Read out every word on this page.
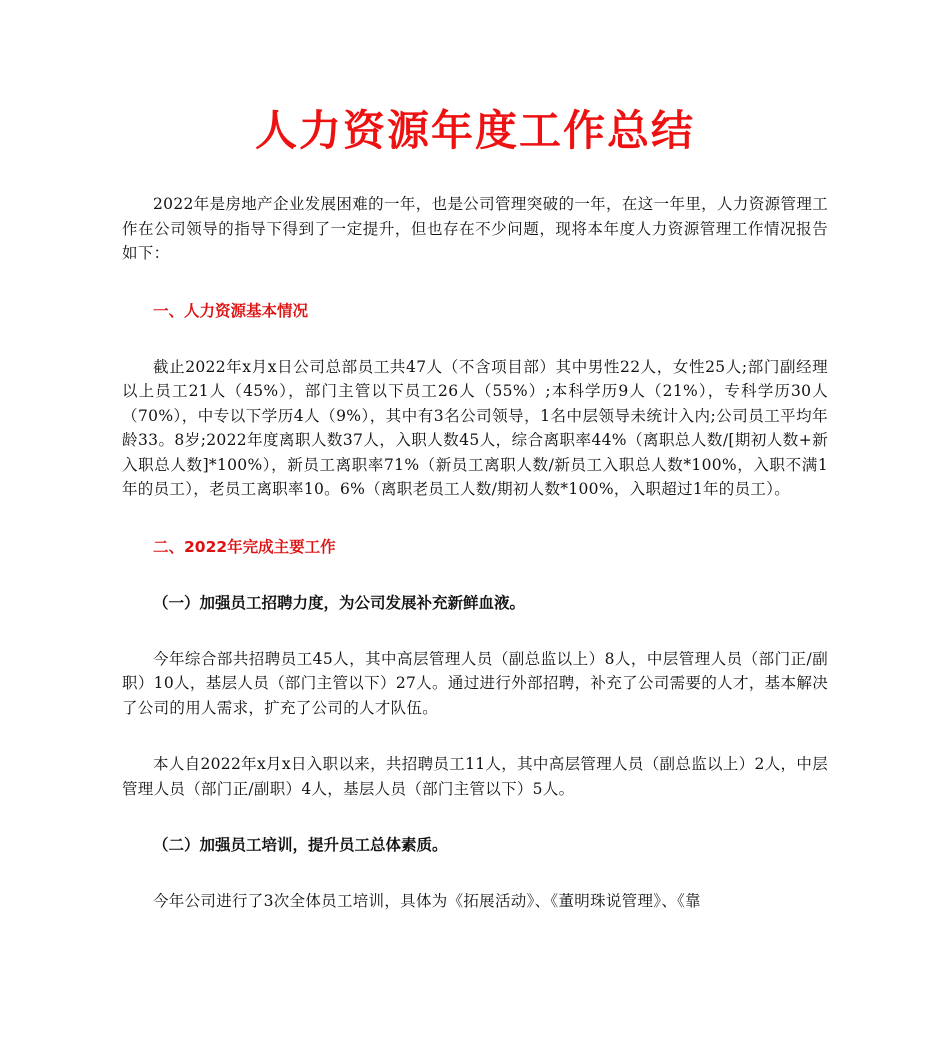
人力资源年度工作总结

2022年是房地产企业发展困难的一年，也是公司管理突破的一年，在这一年里，人力资源管理工作在公司领导的指导下得到了一定提升，但也存在不少问题，现将本年度人力资源管理工作情况报告如下：

一、人力资源基本情况

截止2022年x月x日公司总部员工共47人（不含项目部）其中男性22人，女性25人;部门副经理以上员工21人（45%），部门主管以下员工26人（55%）;本科学历9人（21%），专科学历30人（70%），中专以下学历4人（9%），其中有3名公司领导，1名中层领导未统计入内;公司员工平均年龄33。8岁;2022年度离职人数37人，入职人数45人，综合离职率44%（离职总人数/[期初人数+新入职总人数]*100%），新员工离职率71%（新员工离职人数/新员工入职总人数*100%，入职不满1年的员工），老员工离职率10。6%（离职老员工人数/期初人数*100%，入职超过1年的员工）。

二、2022年完成主要工作

（一）加强员工招聘力度，为公司发展补充新鲜血液。

今年综合部共招聘员工45人，其中高层管理人员（副总监以上）8人，中层管理人员（部门正/副职）10人，基层人员（部门主管以下）27人。通过进行外部招聘，补充了公司需要的人才，基本解决了公司的用人需求，扩充了公司的人才队伍。

本人自2022年x月x日入职以来，共招聘员工11人，其中高层管理人员（副总监以上）2人，中层管理人员（部门正/副职）4人，基层人员（部门主管以下）5人。

（二）加强员工培训，提升员工总体素质。

今年公司进行了3次全体员工培训，具体为《拓展活动》、《董明珠说管理》、《靠
